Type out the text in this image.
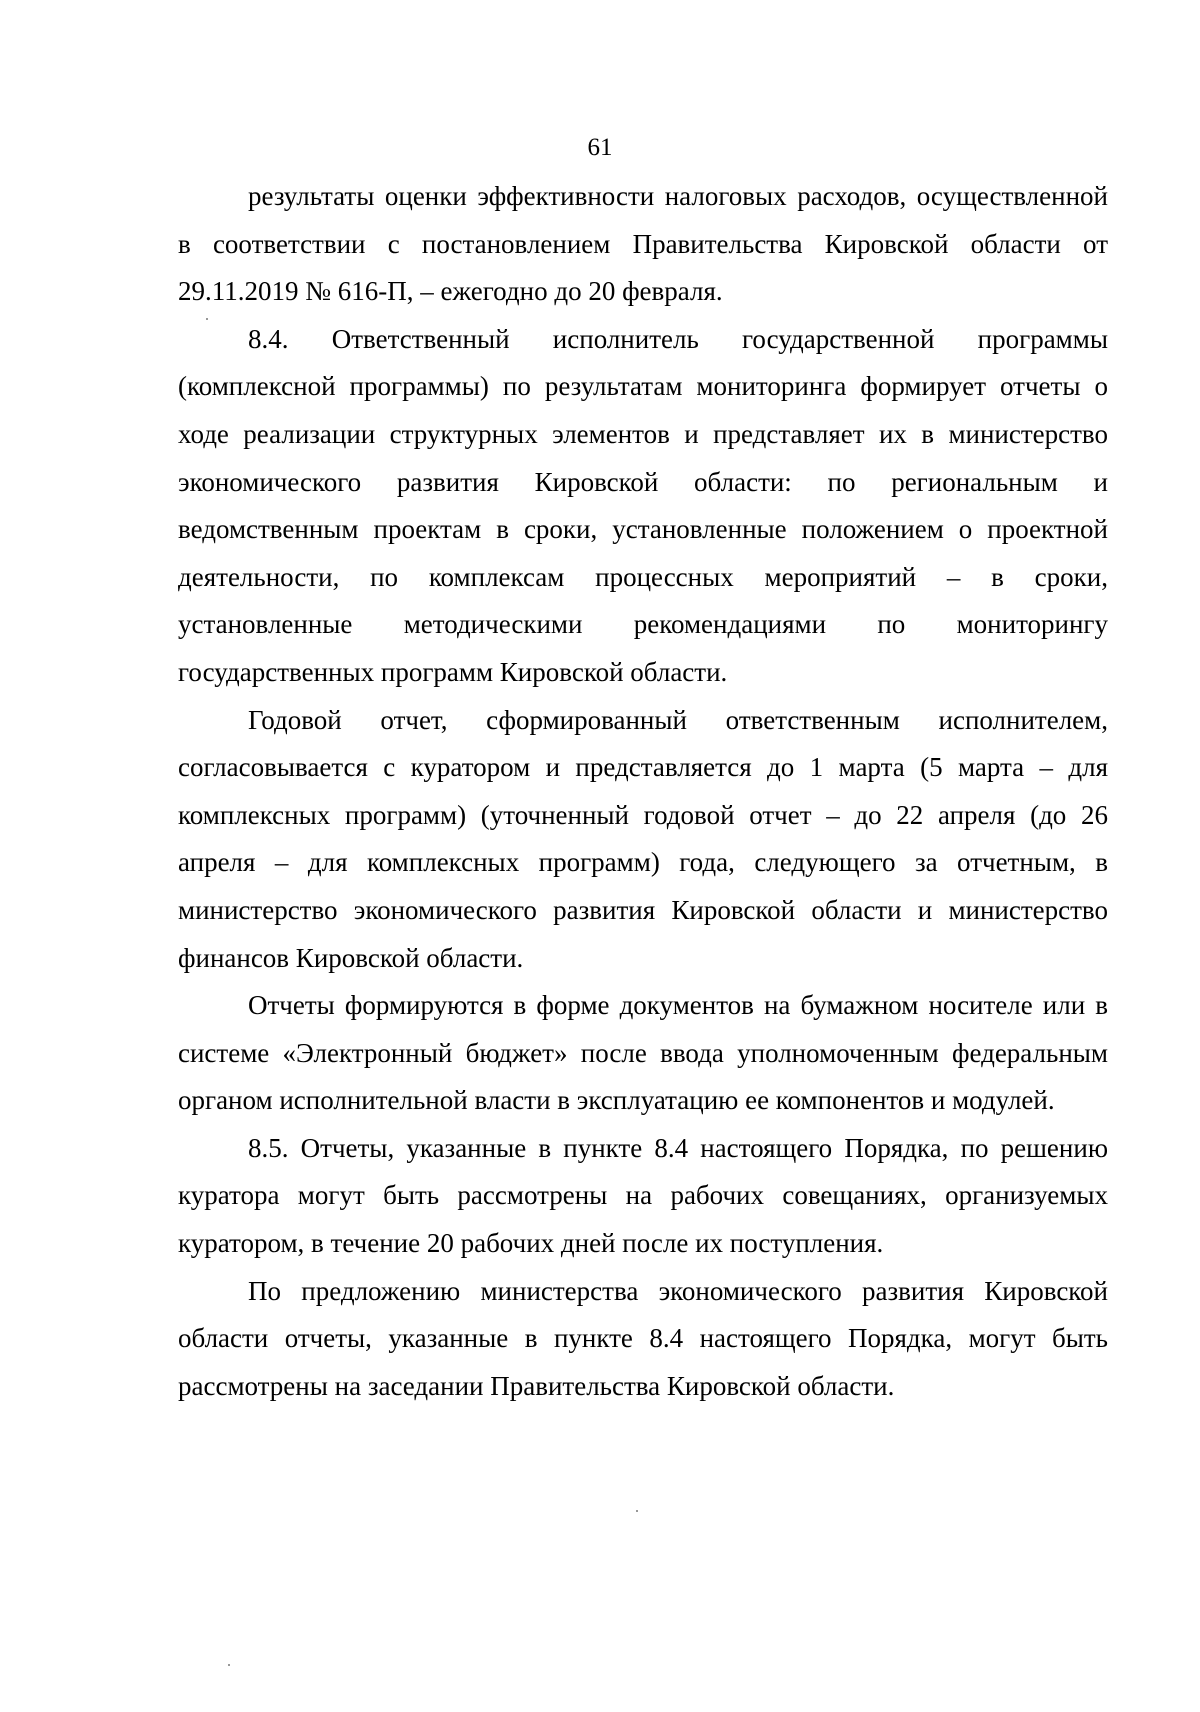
61

результаты оценки эффективности налоговых расходов, осуществленной в соответствии с постановлением Правительства Кировской области от 29.11.2019 № 616-П, – ежегодно до 20 февраля.

8.4. Ответственный исполнитель государственной программы (комплексной программы) по результатам мониторинга формирует отчеты о ходе реализации структурных элементов и представляет их в министерство экономического развития Кировской области: по региональным и ведомственным проектам в сроки, установленные положением о проектной деятельности, по комплексам процессных мероприятий – в сроки, установленные методическими рекомендациями по мониторингу государственных программ Кировской области.

Годовой отчет, сформированный ответственным исполнителем, согласовывается с куратором и представляется до 1 марта (5 марта – для комплексных программ) (уточненный годовой отчет – до 22 апреля (до 26 апреля – для комплексных программ) года, следующего за отчетным, в министерство экономического развития Кировской области и министерство финансов Кировской области.

Отчеты формируются в форме документов на бумажном носителе или в системе «Электронный бюджет» после ввода уполномоченным федеральным органом исполнительной власти в эксплуатацию ее компонентов и модулей.

8.5. Отчеты, указанные в пункте 8.4 настоящего Порядка, по решению куратора могут быть рассмотрены на рабочих совещаниях, организуемых куратором, в течение 20 рабочих дней после их поступления.

По предложению министерства экономического развития Кировской области отчеты, указанные в пункте 8.4 настоящего Порядка, могут быть рассмотрены на заседании Правительства Кировской области.
